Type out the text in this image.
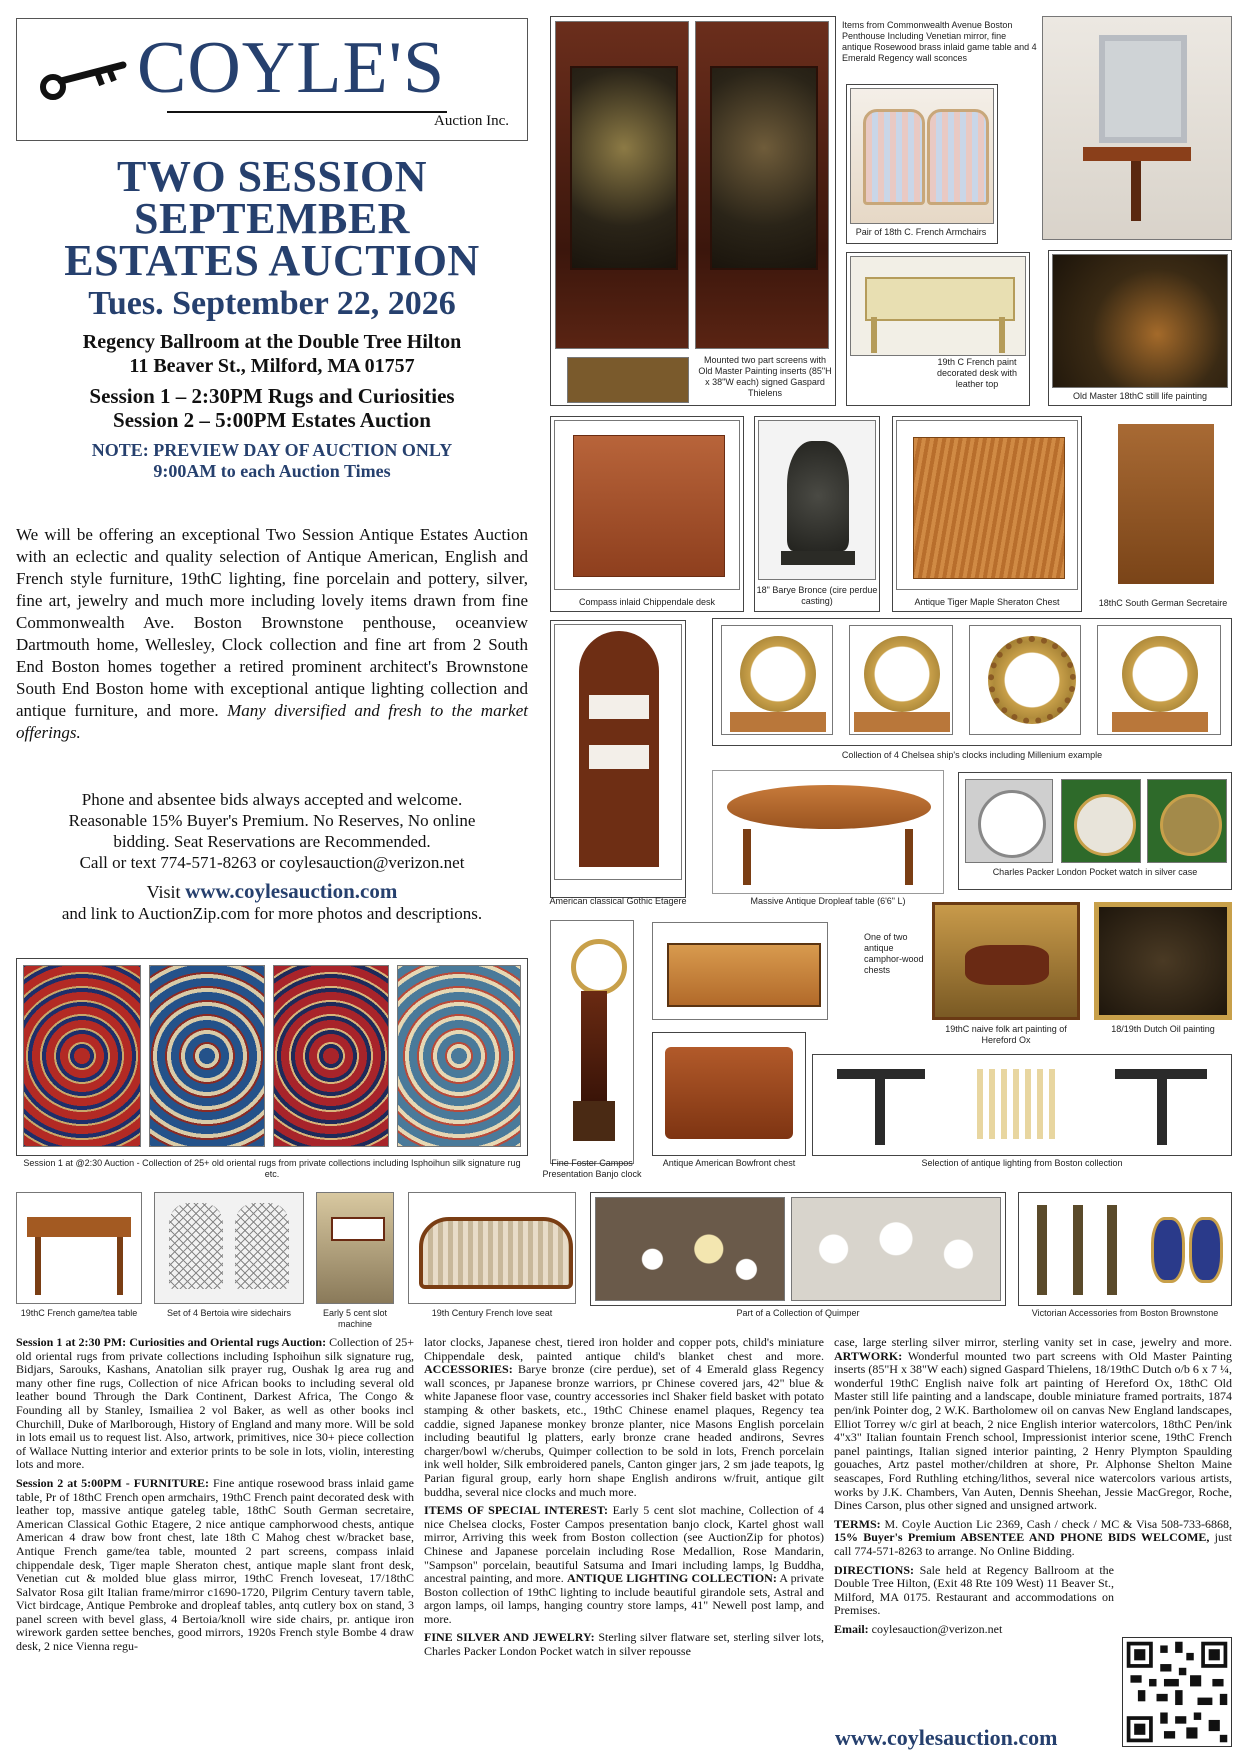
COYLE'S
Auction Inc.
TWO SESSION
SEPTEMBER
ESTATES AUCTION
Tues. September 22, 2026
Regency Ballroom at the Double Tree Hilton
11 Beaver St., Milford, MA 01757
Session 1 – 2:30PM Rugs and Curiosities
Session 2 – 5:00PM Estates Auction
NOTE: PREVIEW DAY OF AUCTION ONLY
9:00AM to each Auction Times
We will be offering an exceptional Two Session Antique Estates Auction with an eclectic and quality selection of Antique American, English and French style furniture, 19thC lighting, fine porcelain and pottery, silver, fine art, jewelry and much more including lovely items drawn from fine Commonwealth Ave. Boston Brownstone penthouse, oceanview Dartmouth home, Wellesley, Clock collection and fine art from 2 South End Boston homes together a retired prominent architect's Brownstone South End Boston home with exceptional antique lighting collection and antique furniture, and more. Many diversified and fresh to the market offerings.
Phone and absentee bids always accepted and welcome.
Reasonable 15% Buyer's Premium. No Reserves, No online
bidding. Seat Reservations are Recommended.
Call or text 774-571-8263 or coylesauction@verizon.net
Visit www.coylesauction.com
and link to AuctionZip.com for more photos and descriptions.
Mounted two part screens with Old Master Painting inserts (85"H x 38"W each) signed Gaspard Thielens
Items from Commonwealth Avenue Boston Penthouse Including Venetian mirror, fine antique Rosewood brass inlaid game table and 4 Emerald Regency wall sconces
Pair of 18th C. French Armchairs
19th C French paint decorated desk with leather top
Old Master 18thC still life painting
Compass inlaid Chippendale desk
18" Barye Bronce (cire perdue casting)	Antique Tiger Maple Sheraton Chest	18thC South German Secretaire
American classical Gothic Etagere
Collection of 4 Chelsea ship's clocks including Millenium example
Massive Antique Dropleaf table (6'6" L)
Charles Packer London Pocket watch in silver case
Fine Foster Campos Presentation Banjo clock
One of two antique camphor-wood chests
19thC naive folk art painting of Hereford Ox
18/19th Dutch Oil painting
Session 1 at @2:30 Auction - Collection of 25+ old oriental rugs from private collections including Isphoihun silk signature rug etc.
Antique American Bowfront chest	Selection of antique lighting from Boston collection
19thC French game/tea table	Set of 4 Bertoia wire sidechairs	Early 5 cent slot machine
19th Century French love seat	Part of a Collection of Quimper	Victorian Accessories from Boston Brownstone

Session 1 at 2:30 PM: Curiosities and Oriental rugs Auction: Collection of 25+ old oriental rugs from private collections including Isphoihun silk signature rug, Bidjars, Sarouks, Kashans, Anatolian silk prayer rug, Oushak lg area rug and many other fine rugs, Collection of nice African books to including several old leather bound Through the Dark Continent, Darkest Africa, The Congo & Founding all by Stanley, Ismailiea 2 vol Baker, as well as other books incl Churchill, Duke of Marlborough, History of England and many more. Will be sold in lots email us to request list. Also, artwork, primitives, nice 30+ piece collection of Wallace Nutting interior and exterior prints to be sole in lots, violin, interesting lots and more.

Session 2 at 5:00PM - FURNITURE: Fine antique rosewood brass inlaid game table, Pr of 18thC French open armchairs, 19thC French paint decorated desk with leather top, massive antique gateleg table, 18thC South German secretaire, American Classical Gothic Etagere, 2 nice antique camphorwood chests, antique American 4 draw bow front chest, late 18th C Mahog chest w/bracket base, Antique French game/tea table, mounted 2 part screens, compass inlaid chippendale desk, Tiger maple Sheraton chest, antique maple slant front desk, Venetian cut & molded blue glass mirror, 19thC French loveseat, 17/18thC Salvator Rosa gilt Italian frame/mirror c1690-1720, Pilgrim Century tavern table, Vict birdcage, Antique Pembroke and dropleaf tables, antq cutlery box on stand, 3 panel screen with bevel glass, 4 Bertoia/knoll wire side chairs, pr. antique iron wirework garden settee benches, good mirrors, 1920s French style Bombe 4 draw desk, 2 nice Vienna regu-

lator clocks, Japanese chest, tiered iron holder and copper pots, child's miniature Chippendale desk, painted antique child's blanket chest and more. ACCESSORIES: Barye bronze (cire perdue), set of 4 Emerald glass Regency wall sconces, pr Japanese bronze warriors, pr Chinese covered jars, 42" blue & white Japanese floor vase, country accessories incl Shaker field basket with potato stamping & other baskets, etc., 19thC Chinese enamel plaques, Regency tea caddie, signed Japanese monkey bronze planter, nice Masons English porcelain including beautiful lg platters, early bronze crane headed andirons, Sevres charger/bowl w/cherubs, Quimper collection to be sold in lots, French porcelain ink well holder, Silk embroidered panels, Canton ginger jars, 2 sm jade teapots, lg Parian figural group, early horn shape English andirons w/fruit, antique gilt buddha, several nice clocks and much more.

ITEMS OF SPECIAL INTEREST: Early 5 cent slot machine, Collection of 4 nice Chelsea clocks, Foster Campos presentation banjo clock, Kartel ghost wall mirror, Arriving this week from Boston collection (see AuctionZip for photos) Chinese and Japanese porcelain including Rose Medallion, Rose Mandarin, "Sampson" porcelain, beautiful Satsuma and Imari including lamps, lg Buddha, ancestral painting, and more. ANTIQUE LIGHTING COLLECTION: A private Boston collection of 19thC lighting to include beautiful girandole sets, Astral and argon lamps, oil lamps, hanging country store lamps, 41" Newell post lamp, and more.

FINE SILVER AND JEWELRY: Sterling silver flatware set, sterling silver lots, Charles Packer London Pocket watch in silver repousse

case, large sterling silver mirror, sterling vanity set in case, jewelry and more. ARTWORK: Wonderful mounted two part screens with Old Master Painting inserts (85"H x 38"W each) signed Gaspard Thielens, 18/19thC Dutch o/b 6 x 7 ¼, wonderful 19thC English naive folk art painting of Hereford Ox, 18thC Old Master still life painting and a landscape, double miniature framed portraits, 1874 pen/ink Pointer dog, 2 W.K. Bartholomew oil on canvas New England landscapes, Elliot Torrey w/c girl at beach, 2 nice English interior watercolors, 18thC Pen/ink 4"x3" Italian fountain French school, Impressionist interior scene, 19thC French panel paintings, Italian signed interior painting, 2 Henry Plympton Spaulding gouaches, Artz pastel mother/children at shore, Pr. Alphonse Shelton Maine seascapes, Ford Ruthling etching/lithos, several nice watercolors various artists, works by J.K. Chambers, Van Auten, Dennis Sheehan, Jessie MacGregor, Roche, Dines Carson, plus other signed and unsigned artwork.

TERMS: M. Coyle Auction Lic 2369, Cash / check / MC & Visa 508-733-6868, 15% Buyer's Premium ABSENTEE AND PHONE BIDS WELCOME, just call 774-571-8263 to arrange. No Online Bidding.

DIRECTIONS: Sale held at Regency Ballroom at the Double Tree Hilton, (Exit 48 Rte 109 West) 11 Beaver St., Milford, MA 0175. Restaurant and accommodations on Premises.

Email: coylesauction@verizon.net

www.coylesauction.com
